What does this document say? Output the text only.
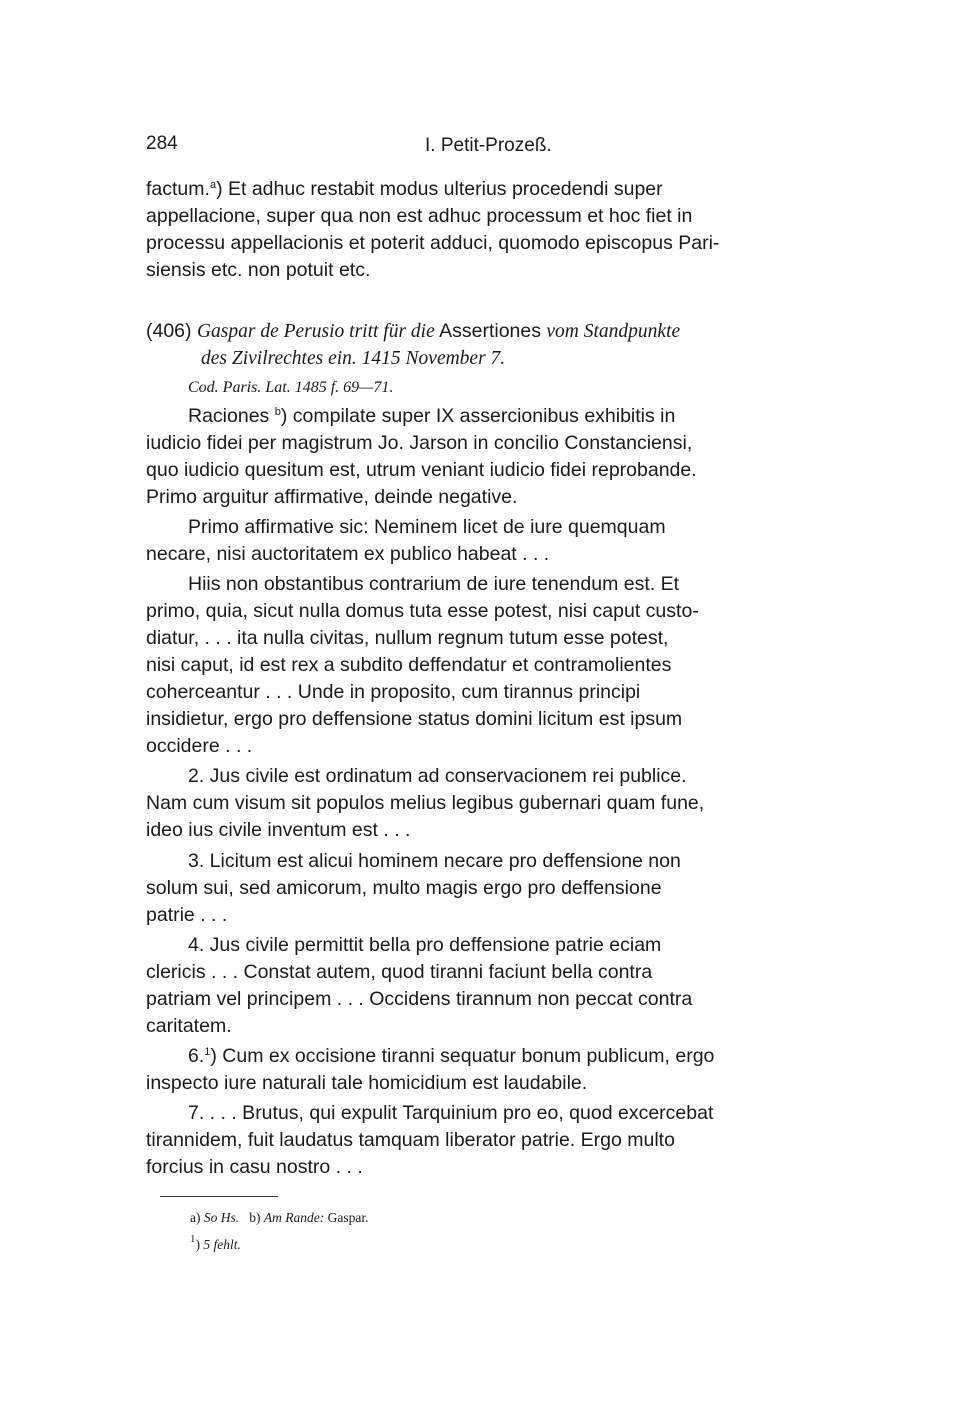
284	I. Petit-Prozeß.
factum.$^a$) Et adhuc restabit modus ulterius procedendi super
appellacione, super qua non est adhuc processum et hoc fiet in
processu appellacionis et poterit adduci, quomodo episcopus Pari-
siensis etc. non potuit etc.
(406) Gaspar de Perusio tritt für die Assertiones vom Standpunkte
des Zivilrechtes ein. 1415 November 7.
Cod. Paris. Lat. 1485 f. 69—71.
Raciones $^b$) compilate super IX assercionibus exhibitis in
iudicio fidei per magistrum Jo. Jarson in concilio Constanciensi,
quo iudicio quesitum est, utrum veniant iudicio fidei reprobande.
Primo arguitur affirmative, deinde negative.
Primo affirmative sic: Neminem licet de iure quemquam
necare, nisi auctoritatem ex publico habeat . . .
Hiis non obstantibus contrarium de iure tenendum est. Et
primo, quia, sicut nulla domus tuta esse potest, nisi caput custo-
diatur, . . . ita nulla civitas, nullum regnum tutum esse potest,
nisi caput, id est rex a subdito deffendatur et contramolientes
coherceantur . . . Unde in proposito, cum tirannus principi
insidietur, ergo pro deffensione status domini licitum est ipsum
occidere . . .
2. Jus civile est ordinatum ad conservacionem rei publice.
Nam cum visum sit populos melius legibus gubernari quam fune,
ideo ius civile inventum est . . .
3. Licitum est alicui hominem necare pro deffensione non
solum sui, sed amicorum, multo magis ergo pro deffensione
patrie . . .
4. Jus civile permittit bella pro deffensione patrie eciam
clericis . . . Constat autem, quod tiranni faciunt bella contra
patriam vel principem . . . Occidens tirannum non peccat contra
caritatem.
6.$^1$) Cum ex occisione tiranni sequatur bonum publicum, ergo
inspecto iure naturali tale homicidium est laudabile.
7. . . . Brutus, qui expulit Tarquinium pro eo, quod excercebat
tirannidem, fuit laudatus tamquam liberator patrie. Ergo multo
forcius in casu nostro . . .
a) So Hs. b) Am Rande: Gaspar.
$^1$) 5 fehlt.
